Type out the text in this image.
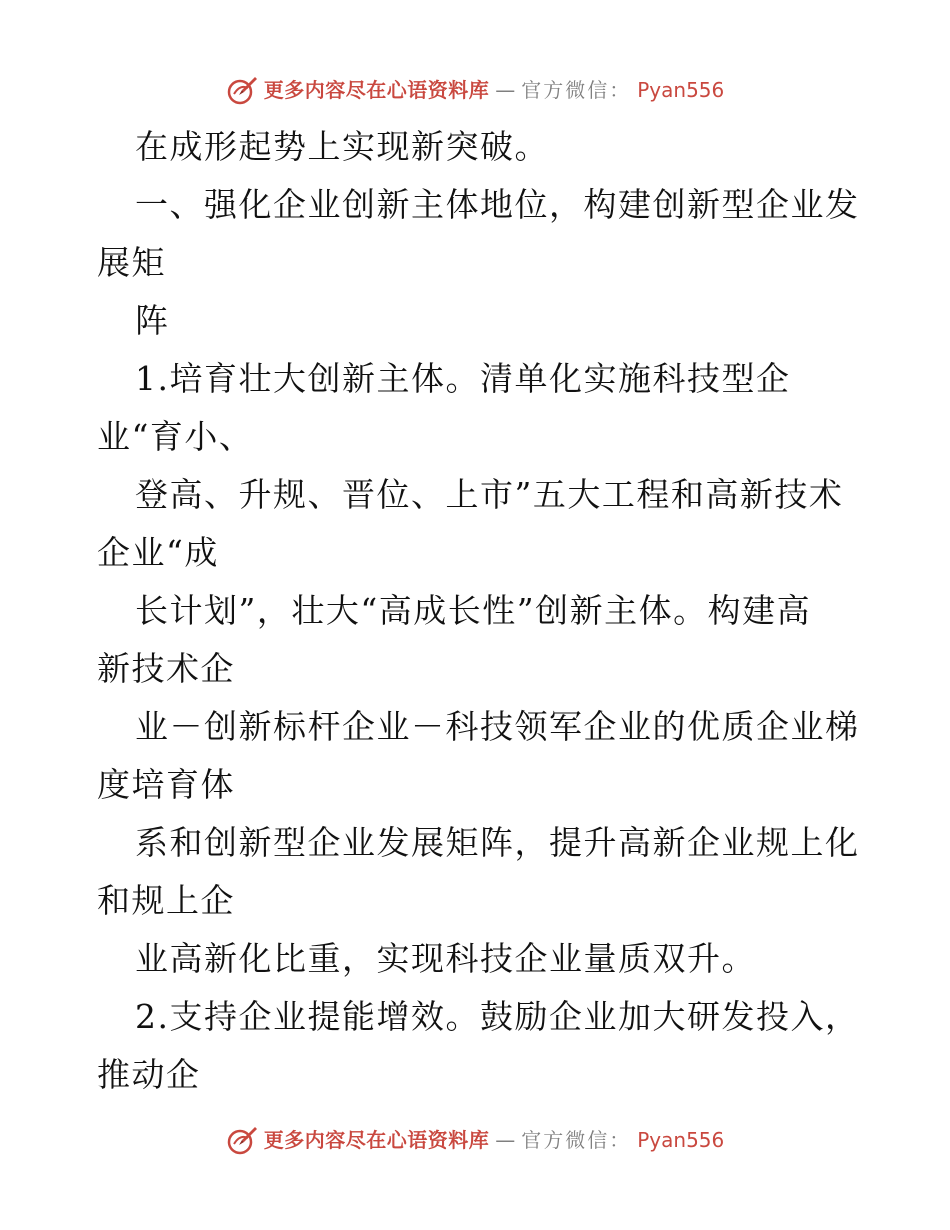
更多内容尽在心语资料库 — 官方微信： Pyan556
在成形起势上实现新突破。
一、强化企业创新主体地位，构建创新型企业发
展矩
阵
1.培育壮大创新主体。清单化实施科技型企
业“育小、
登高、升规、晋位、上市”五大工程和高新技术
企业“成
长计划”，壮大“高成长性”创新主体。构建高
新技术企
业－创新标杆企业－科技领军企业的优质企业梯
度培育体
系和创新型企业发展矩阵，提升高新企业规上化
和规上企
业高新化比重，实现科技企业量质双升。
2.支持企业提能增效。鼓励企业加大研发投入，
推动企
更多内容尽在心语资料库 — 官方微信： Pyan556
